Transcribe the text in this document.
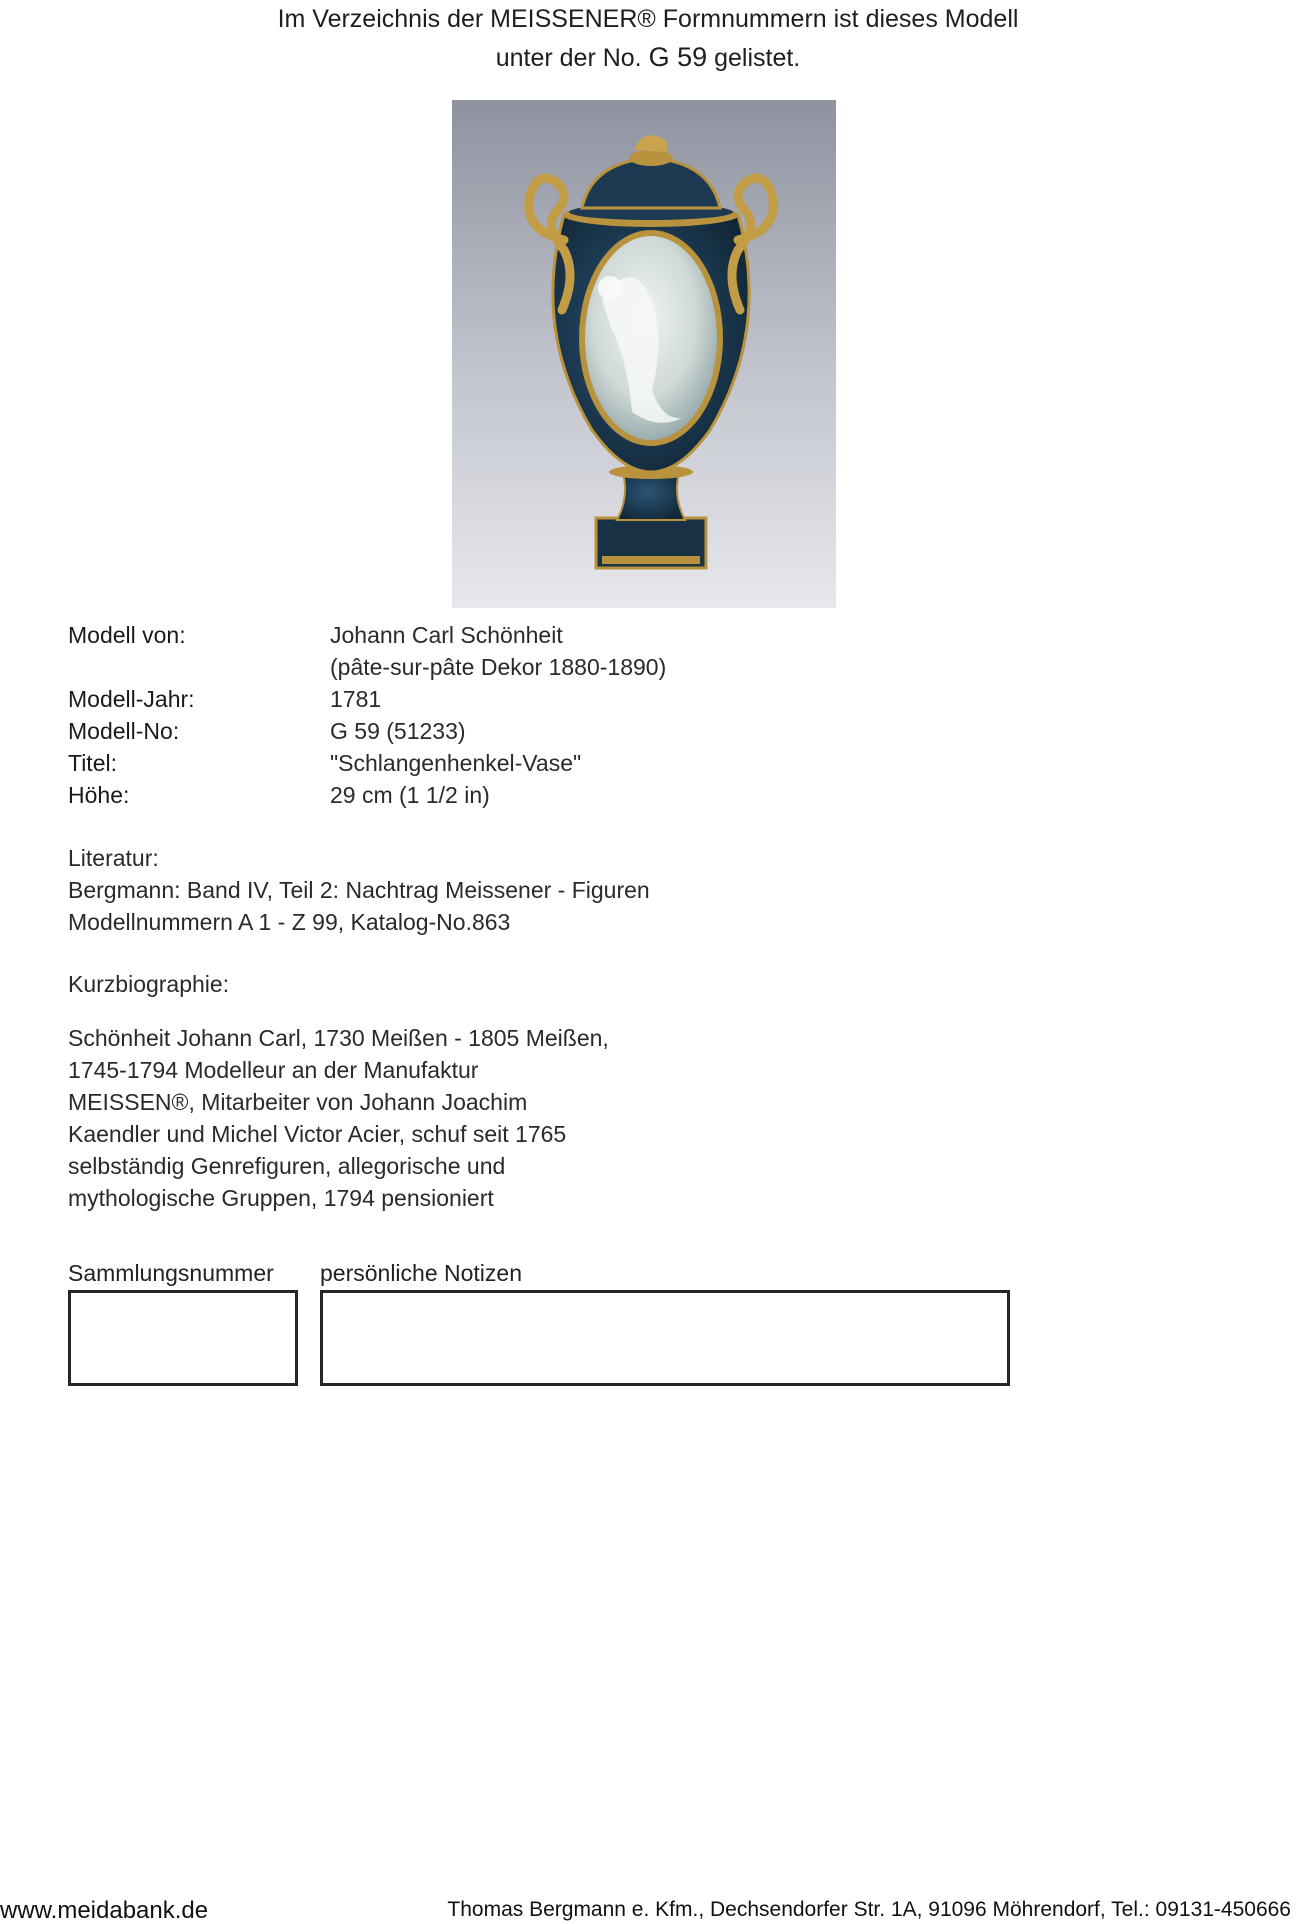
Im Verzeichnis der MEISSENER® Formnummern ist dieses Modell
unter der No. G 59 gelistet.
Modell von:	Johann Carl Schönheit
(pâte-sur-pâte Dekor 1880-1890)
Modell-Jahr:	1781
Modell-No:	G 59 (51233)
Titel:	"Schlangenhenkel-Vase"
Höhe:	29 cm (1 1/2 in)
Literatur:
Bergmann: Band IV, Teil 2: Nachtrag Meissener - Figuren
Modellnummern A 1 - Z 99, Katalog-No.863
Kurzbiographie:
Schönheit Johann Carl, 1730 Meißen - 1805 Meißen,
1745-1794 Modelleur an der Manufaktur
MEISSEN®, Mitarbeiter von Johann Joachim
Kaendler und Michel Victor Acier, schuf seit 1765
selbständig Genrefiguren, allegorische und
mythologische Gruppen, 1794 pensioniert
Sammlungsnummer persönliche Notizen
www.meidabank.de	Thomas Bergmann e. Kfm., Dechsendorfer Str. 1A, 91096 Möhrendorf, Tel.: 09131-450666
